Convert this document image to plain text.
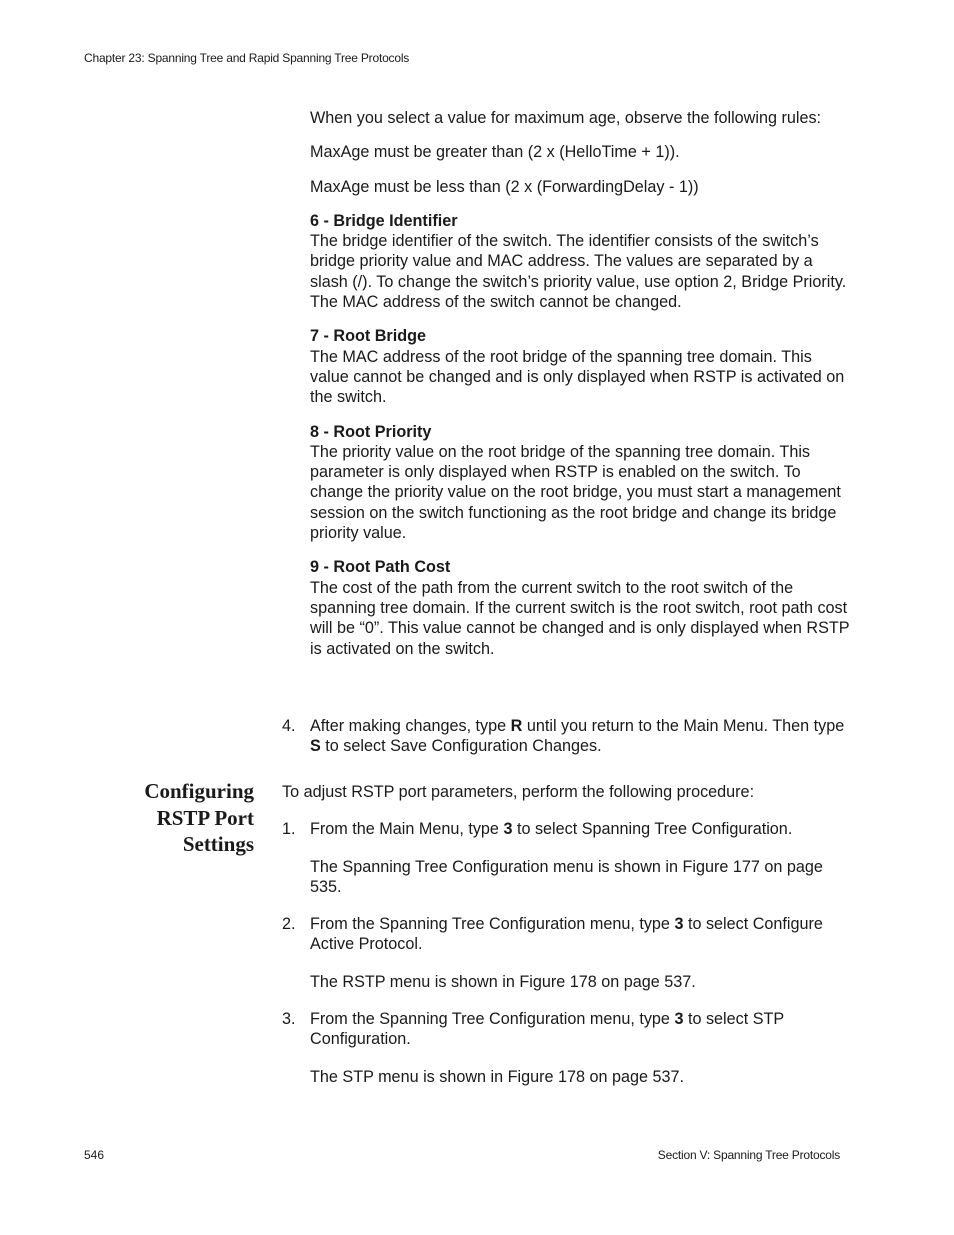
Chapter 23: Spanning Tree and Rapid Spanning Tree Protocols

When you select a value for maximum age, observe the following rules:

MaxAge must be greater than (2 x (HelloTime + 1)).

MaxAge must be less than (2 x (ForwardingDelay - 1))

6 - Bridge Identifier
The bridge identifier of the switch. The identifier consists of the switch’s bridge priority value and MAC address. The values are separated by a slash (/). To change the switch’s priority value, use option 2, Bridge Priority. The MAC address of the switch cannot be changed.
7 - Root Bridge
The MAC address of the root bridge of the spanning tree domain. This value cannot be changed and is only displayed when RSTP is activated on the switch.
8 - Root Priority
The priority value on the root bridge of the spanning tree domain. This parameter is only displayed when RSTP is enabled on the switch. To change the priority value on the root bridge, you must start a management session on the switch functioning as the root bridge and change its bridge priority value.
9 - Root Path Cost
The cost of the path from the current switch to the root switch of the spanning tree domain. If the current switch is the root switch, root path cost will be “0”. This value cannot be changed and is only displayed when RSTP is activated on the switch.
4. After making changes, type R until you return to the Main Menu. Then type S to select Save Configuration Changes.
Configuring
RSTP Port
Settings
To adjust RSTP port parameters, perform the following procedure:
1. From the Main Menu, type 3 to select Spanning Tree Configuration.
The Spanning Tree Configuration menu is shown in Figure 177 on page 535.
2. From the Spanning Tree Configuration menu, type 3 to select Configure Active Protocol.
The RSTP menu is shown in Figure 178 on page 537.
3. From the Spanning Tree Configuration menu, type 3 to select STP Configuration.
The STP menu is shown in Figure 178 on page 537.
546	Section V: Spanning Tree Protocols
